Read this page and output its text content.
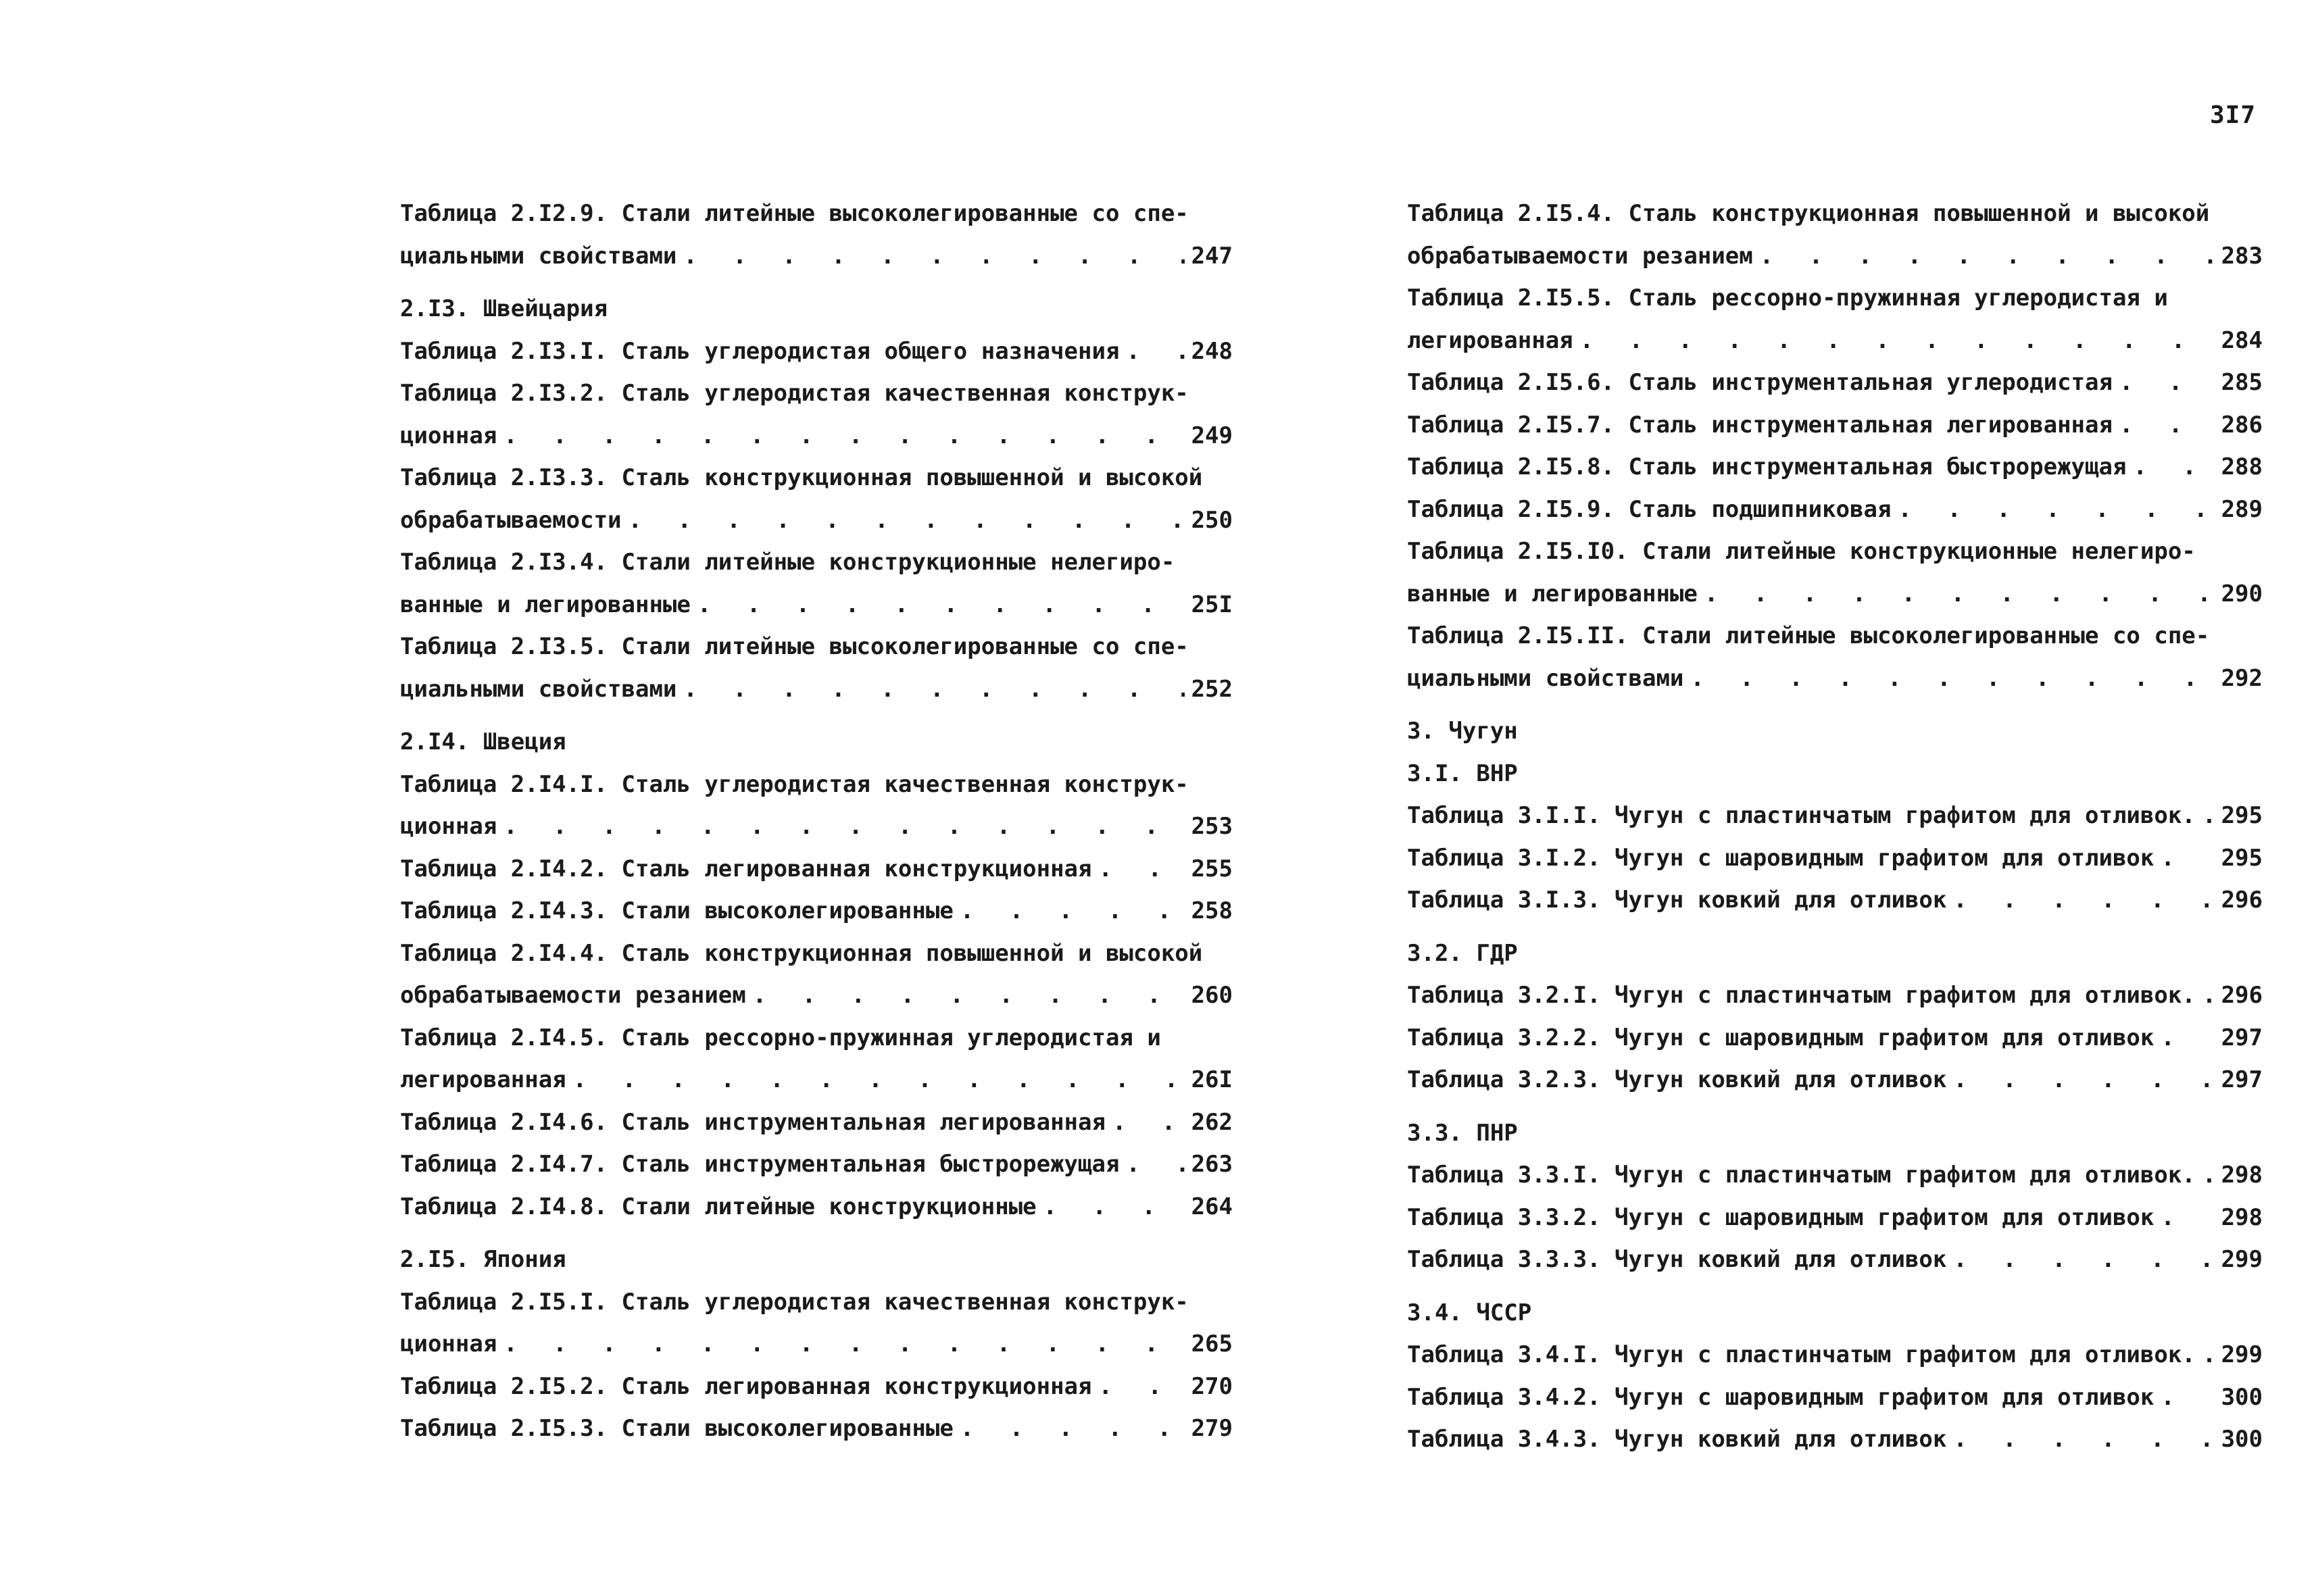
3I7
Таблица 2.I2.9. Стали литейные высоколегированные со спе-
циальными свойствами . . .	247
2.I3. Швейцария
Таблица 2.I3.I. Сталь углеродистая общего назначения . . .	248
Таблица 2.I3.2. Сталь углеродистая качественная конструк-
ционная . . .	249
Таблица 2.I3.3. Сталь конструкционная повышенной и высокой
обрабатываемости . . .	250
Таблица 2.I3.4. Стали литейные конструкционные нелегиро-
ванные и легированные . . .	25I
Таблица 2.I3.5. Стали литейные высоколегированные со спе-
циальными свойствами . . .	252
2.I4. Швеция
Таблица 2.I4.I. Сталь углеродистая качественная конструк-
ционная . . .	253
Таблица 2.I4.2. Сталь легированная конструкционная . . .	255
Таблица 2.I4.3. Стали высоколегированные . . .	258
Таблица 2.I4.4. Сталь конструкционная повышенной и высокой
обрабатываемости резанием . . .	260
Таблица 2.I4.5. Сталь рессорно-пружинная углеродистая и
легированная . . .	26I
Таблица 2.I4.6. Сталь инструментальная легированная . . .	262
Таблица 2.I4.7. Сталь инструментальная быстрорежущая . . .	263
Таблица 2.I4.8. Стали литейные конструкционные . . .	264
2.I5. Япония
Таблица 2.I5.I. Сталь углеродистая качественная конструк-
ционная . . .	265
Таблица 2.I5.2. Сталь легированная конструкционная . . .	270
Таблица 2.I5.3. Стали высоколегированные . . .	279
Таблица 2.I5.4. Сталь конструкционная повышенной и высокой
обрабатываемости резанием . . .	283
Таблица 2.I5.5. Сталь рессорно-пружинная углеродистая и
легированная . . .	284
Таблица 2.I5.6. Сталь инструментальная углеродистая . . .	285
Таблица 2.I5.7. Сталь инструментальная легированная . . .	286
Таблица 2.I5.8. Сталь инструментальная быстрорежущая . . .	288
Таблица 2.I5.9. Сталь подшипниковая . . .	289
Таблица 2.I5.I0. Стали литейные конструкционные нелегиро-
ванные и легированные . . .	290
Таблица 2.I5.II. Стали литейные высоколегированные со спе-
циальными свойствами . . .	292
3. Чугун
3.I. ВНР
Таблица 3.I.I. Чугун с пластинчатым графитом для отливок. . . . 295
Таблица 3.I.2. Чугун с шаровидным графитом для отливок . . .	295
Таблица 3.I.3. Чугун ковкий для отливок . . .	296
3.2. ГДР
Таблица 3.2.I. Чугун с пластинчатым графитом для отливок. . . . 296
Таблица 3.2.2. Чугун с шаровидным графитом для отливок . . .	297
Таблица 3.2.3. Чугун ковкий для отливок . . .	297
3.3. ПНР
Таблица 3.3.I. Чугун с пластинчатым графитом для отливок. . . . 298
Таблица 3.3.2. Чугун с шаровидным графитом для отливок . . .	298
Таблица 3.3.3. Чугун ковкий для отливок . . .	299
3.4. ЧССР
Таблица 3.4.I. Чугун с пластинчатым графитом для отливок. . . . 299
Таблица 3.4.2. Чугун с шаровидным графитом для отливок . . .	300
Таблица 3.4.3. Чугун ковкий для отливок . . .	300
